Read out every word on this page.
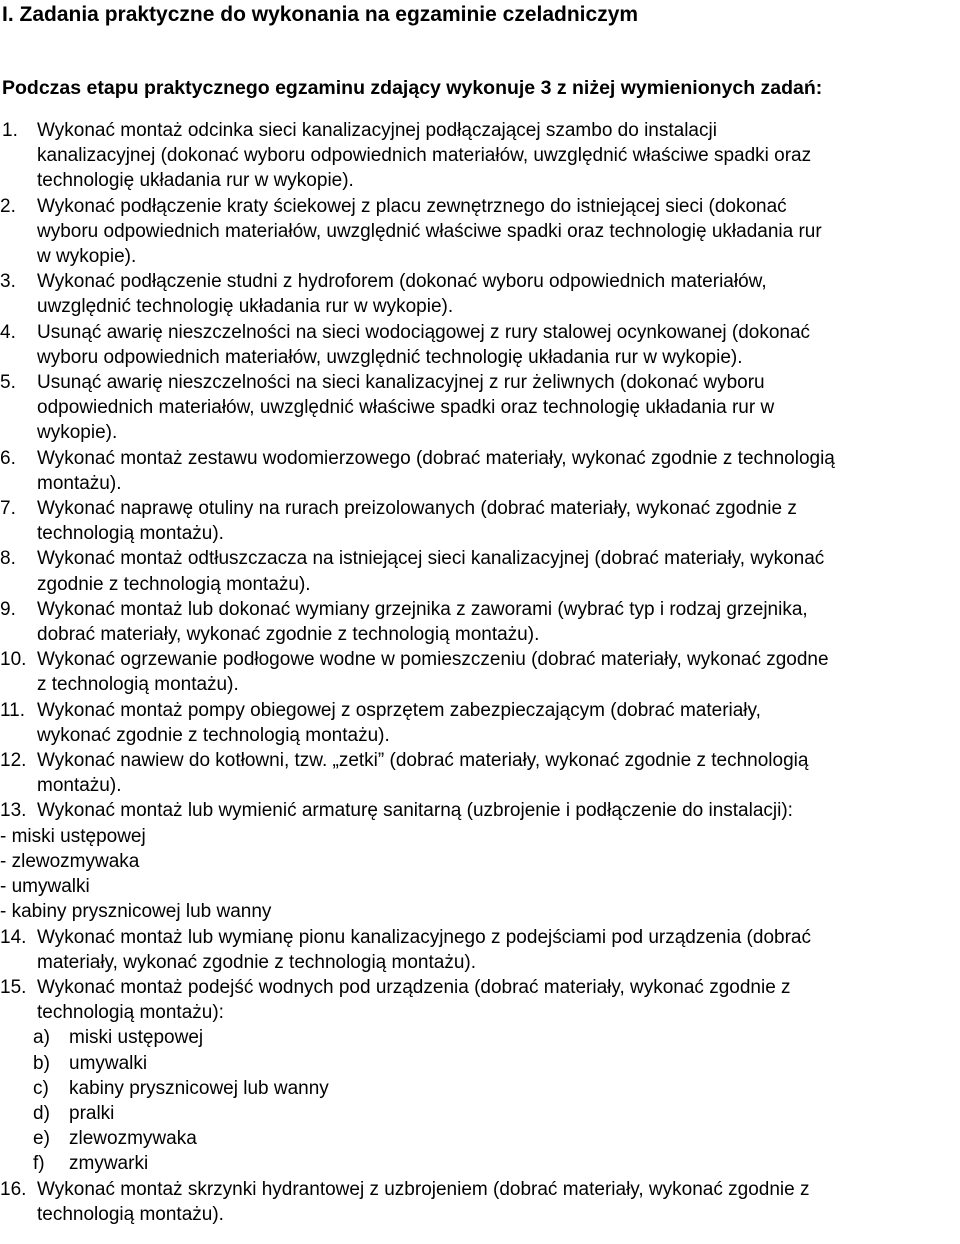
I. Zadania praktyczne do wykonania na egzaminie czeladniczym
Podczas etapu praktycznego egzaminu zdający wykonuje 3 z niżej wymienionych zadań:
1. Wykonać montaż odcinka sieci kanalizacyjnej podłączającej szambo do instalacji
kanalizacyjnej (dokonać wyboru odpowiednich materiałów, uwzględnić właściwe spadki oraz
technologię układania rur w wykopie).
2. Wykonać podłączenie kraty ściekowej z placu zewnętrznego do istniejącej sieci (dokonać
wyboru odpowiednich materiałów, uwzględnić właściwe spadki oraz technologię układania rur
w wykopie).
3. Wykonać podłączenie studni z hydroforem (dokonać wyboru odpowiednich materiałów,
uwzględnić technologię układania rur w wykopie).
4. Usunąć awarię nieszczelności na sieci wodociągowej z rury stalowej ocynkowanej (dokonać
wyboru odpowiednich materiałów, uwzględnić technologię układania rur w wykopie).
5. Usunąć awarię nieszczelności na sieci kanalizacyjnej z rur żeliwnych (dokonać wyboru
odpowiednich materiałów, uwzględnić właściwe spadki oraz technologię układania rur w
wykopie).
6. Wykonać montaż zestawu wodomierzowego (dobrać materiały, wykonać zgodnie z technologią
montażu).
7. Wykonać naprawę otuliny na rurach preizolowanych (dobrać materiały, wykonać zgodnie z
technologią montażu).
8. Wykonać montaż odtłuszczacza na istniejącej sieci kanalizacyjnej (dobrać materiały, wykonać
zgodnie z technologią montażu).
9. Wykonać montaż lub dokonać wymiany grzejnika z zaworami (wybrać typ i rodzaj grzejnika,
dobrać materiały, wykonać zgodnie z technologią montażu).
10. Wykonać ogrzewanie podłogowe wodne w pomieszczeniu (dobrać materiały, wykonać zgodne
z technologią montażu).
11. Wykonać montaż pompy obiegowej z osprzętem zabezpieczającym (dobrać materiały,
wykonać zgodnie z technologią montażu).
12. Wykonać nawiew do kotłowni, tzw. „zetki” (dobrać materiały, wykonać zgodnie z technologią
montażu).
13. Wykonać montaż lub wymienić armaturę sanitarną (uzbrojenie i podłączenie do instalacji):
- miski ustępowej
- zlewozmywaka
- umywalki
- kabiny prysznicowej lub wanny
14. Wykonać montaż lub wymianę pionu kanalizacyjnego z podejściami pod urządzenia (dobrać
materiały, wykonać zgodnie z technologią montażu).
15. Wykonać montaż podejść wodnych pod urządzenia (dobrać materiały, wykonać zgodnie z
technologią montażu):
a) miski ustępowej
b) umywalki
c) kabiny prysznicowej lub wanny
d) pralki
e) zlewozmywaka
f) zmywarki
16. Wykonać montaż skrzynki hydrantowej z uzbrojeniem (dobrać materiały, wykonać zgodnie z
technologią montażu).
